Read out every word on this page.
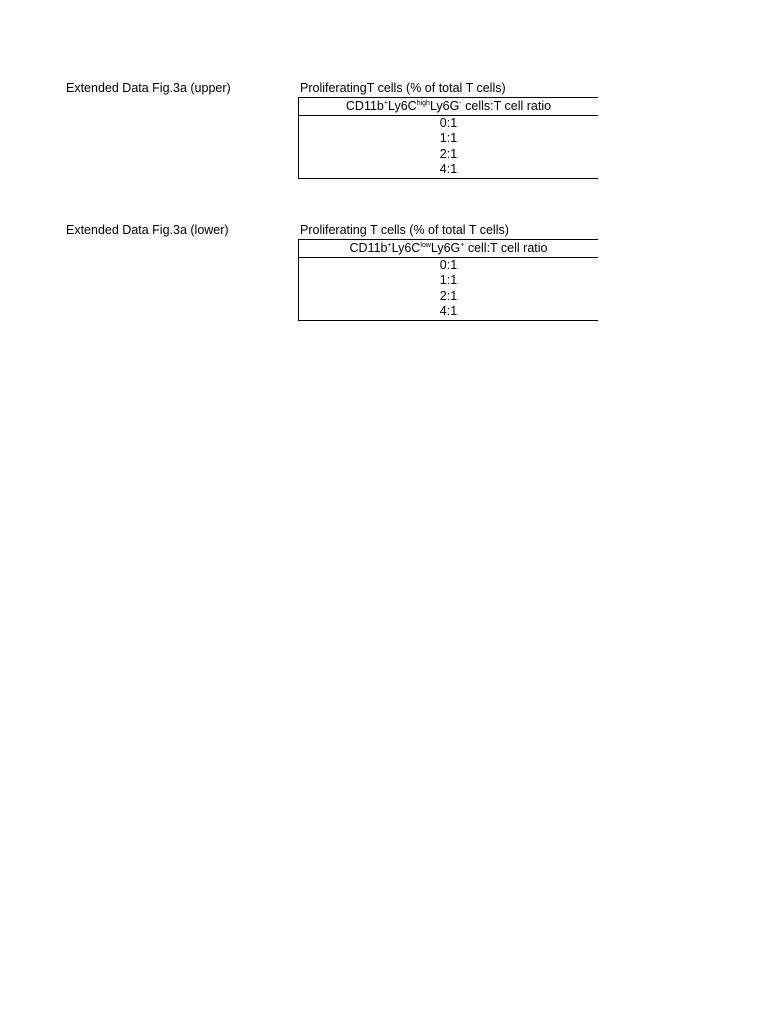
Extended Data Fig.3a (upper)	ProliferatingT cells (% of total T cells)
$CD11b^+Ly6C^{high}Ly6G^-$ cells:T cell ratio
0:1
1:1
2:1
4:1
Extended Data Fig.3a (lower)	Proliferating T cells (% of total T cells)
$CD11b^+Ly6C^{low}Ly6G^+$ cell:T cell ratio
0:1
1:1
2:1
4:1
